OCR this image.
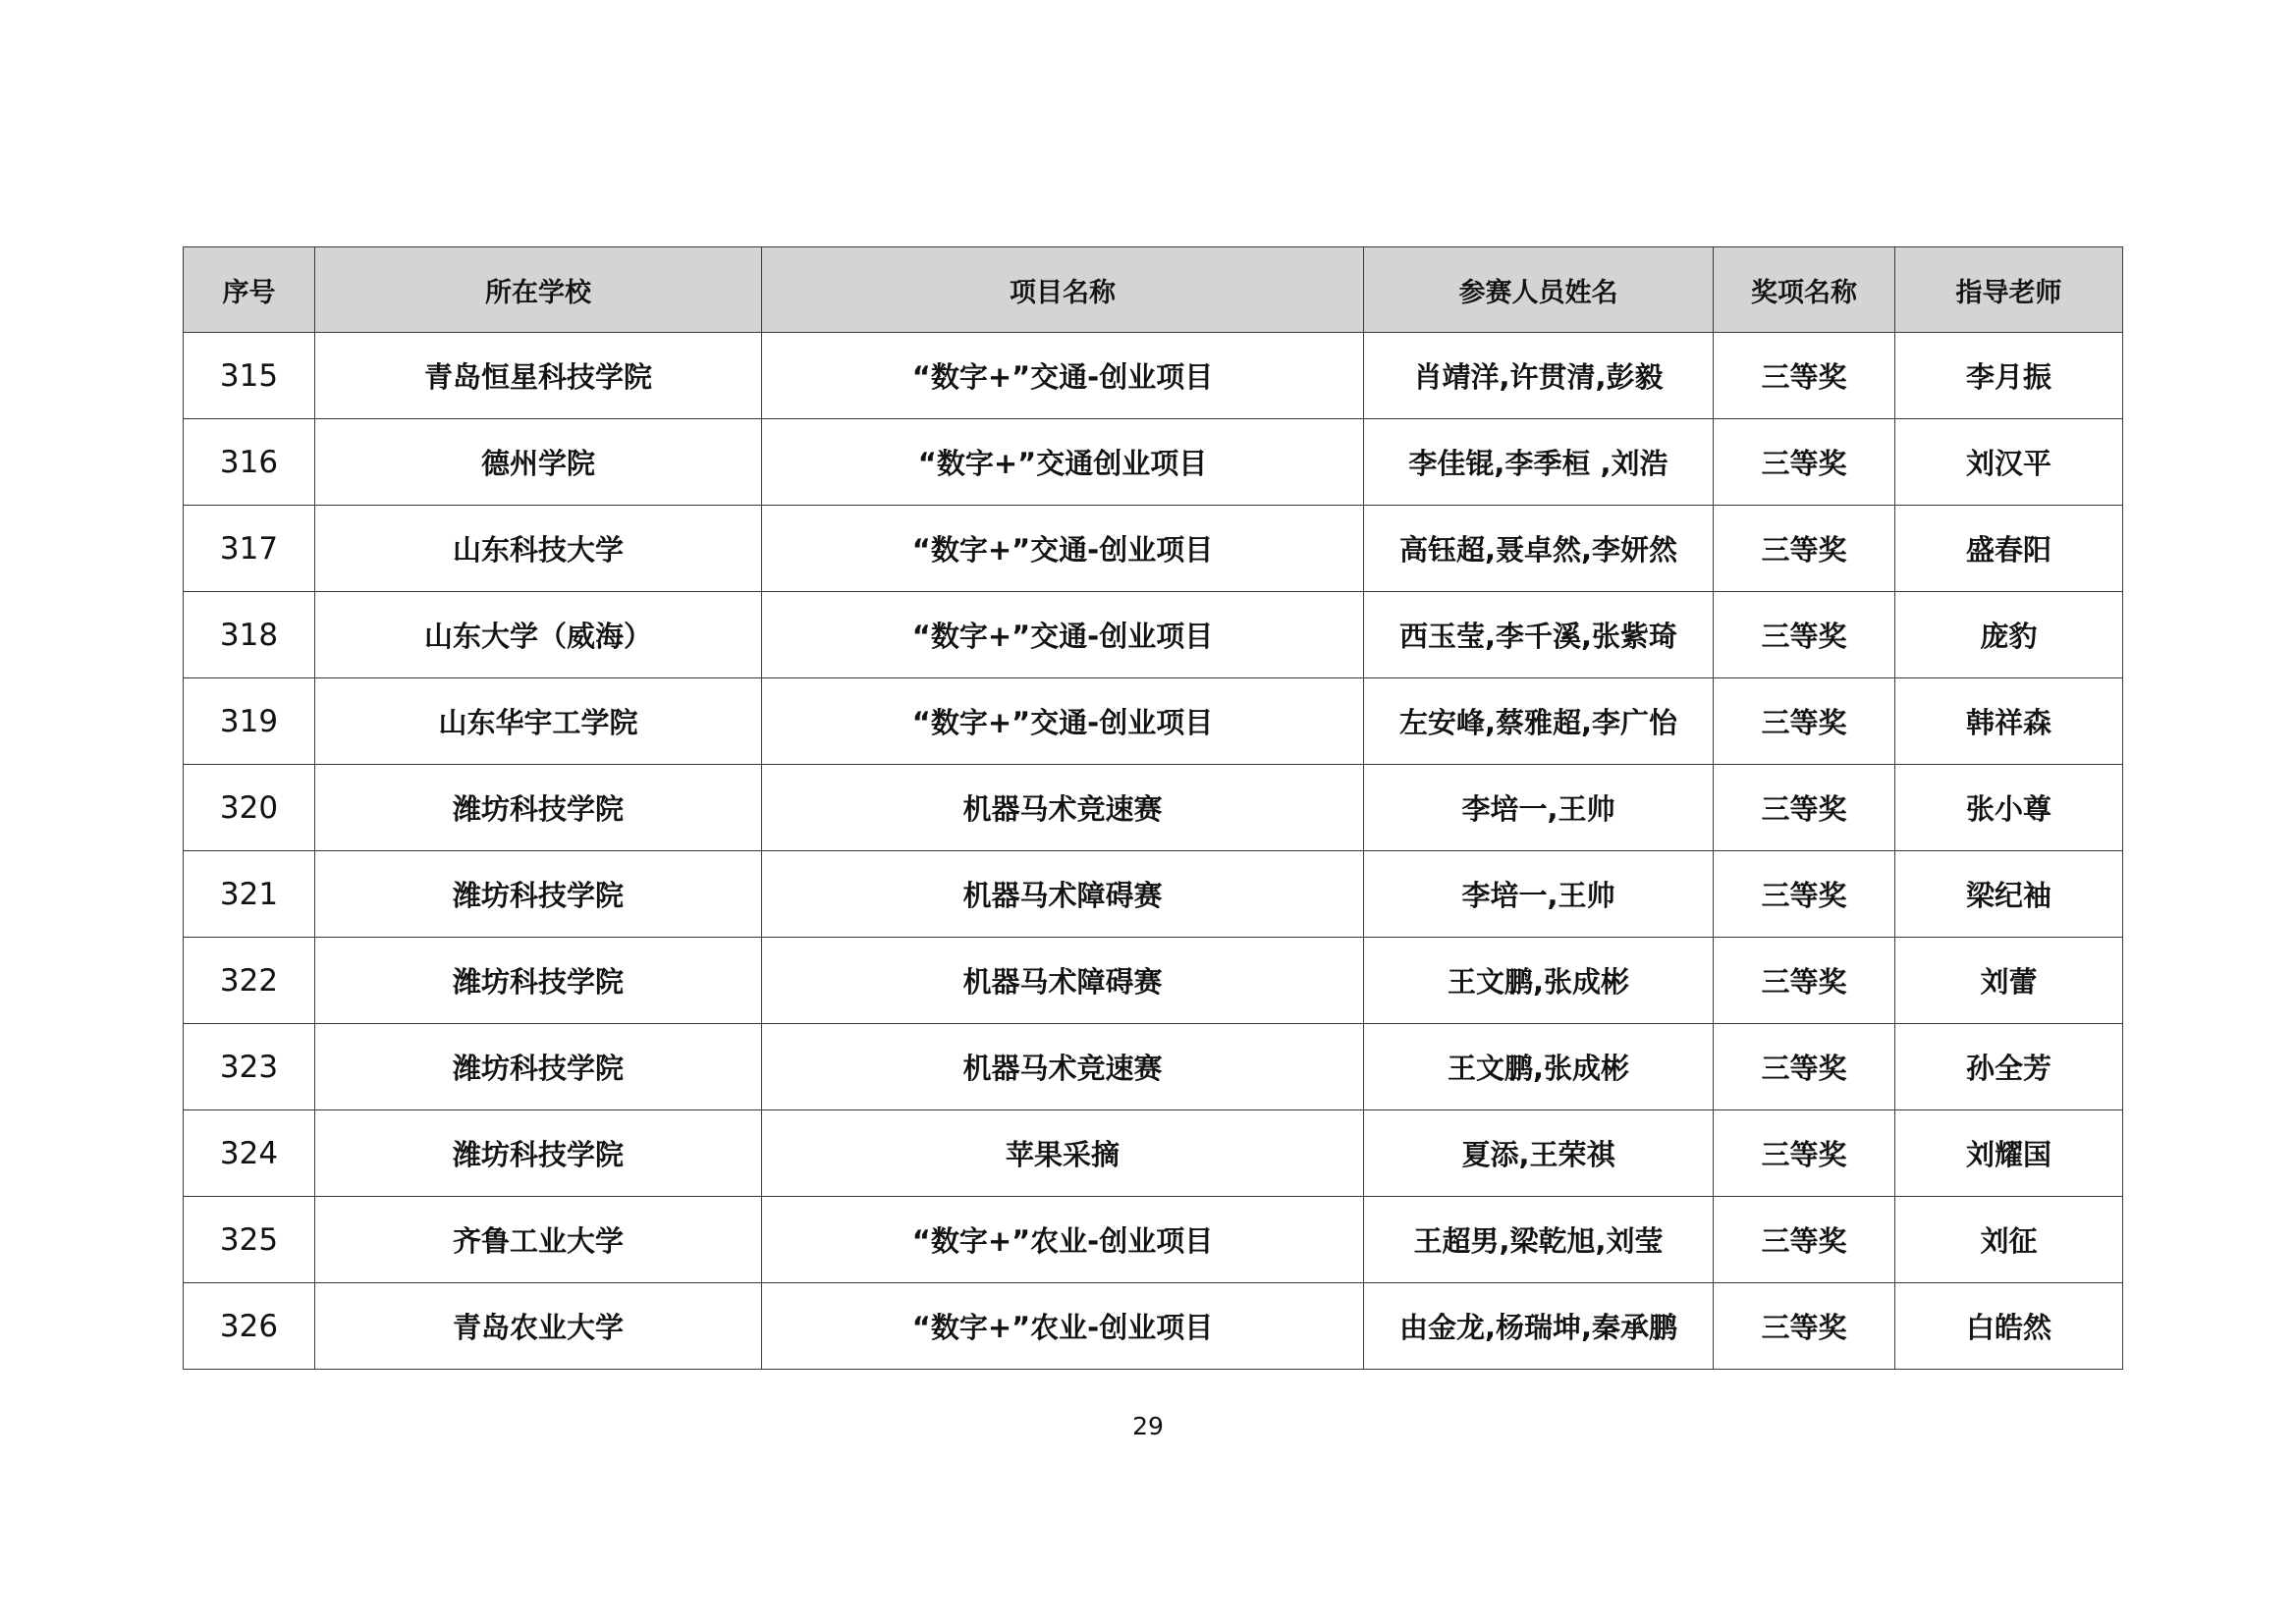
序号	所在学校	项目名称	参赛人员姓名	奖项名称	指导老师
315	青岛恒星科技学院	“数字+”交通-创业项目	肖靖洋,许贯清,彭毅	三等奖	李月振
316	德州学院	“数字+”交通创业项目	李佳锟,李季桓 ,刘浩	三等奖	刘汉平
317	山东科技大学	“数字+”交通-创业项目	高钰超,聂卓然,李妍然	三等奖	盛春阳
318	山东大学（威海）	“数字+”交通-创业项目	西玉莹,李千溪,张紫琦	三等奖	庞豹
319	山东华宇工学院	“数字+”交通-创业项目	左安峰,蔡雅超,李广怡	三等奖	韩祥森
320	潍坊科技学院	机器马术竞速赛	李培一,王帅	三等奖	张小尊
321	潍坊科技学院	机器马术障碍赛	李培一,王帅	三等奖	梁纪袖
322	潍坊科技学院	机器马术障碍赛	王文鹏,张成彬	三等奖	刘蕾
323	潍坊科技学院	机器马术竞速赛	王文鹏,张成彬	三等奖	孙全芳
324	潍坊科技学院	苹果采摘	夏添,王荣祺	三等奖	刘耀国
325	齐鲁工业大学	“数字+”农业-创业项目	王超男,梁乾旭,刘莹	三等奖	刘征
326	青岛农业大学	“数字+”农业-创业项目	由金龙,杨瑞坤,秦承鹏	三等奖	白皓然
29
